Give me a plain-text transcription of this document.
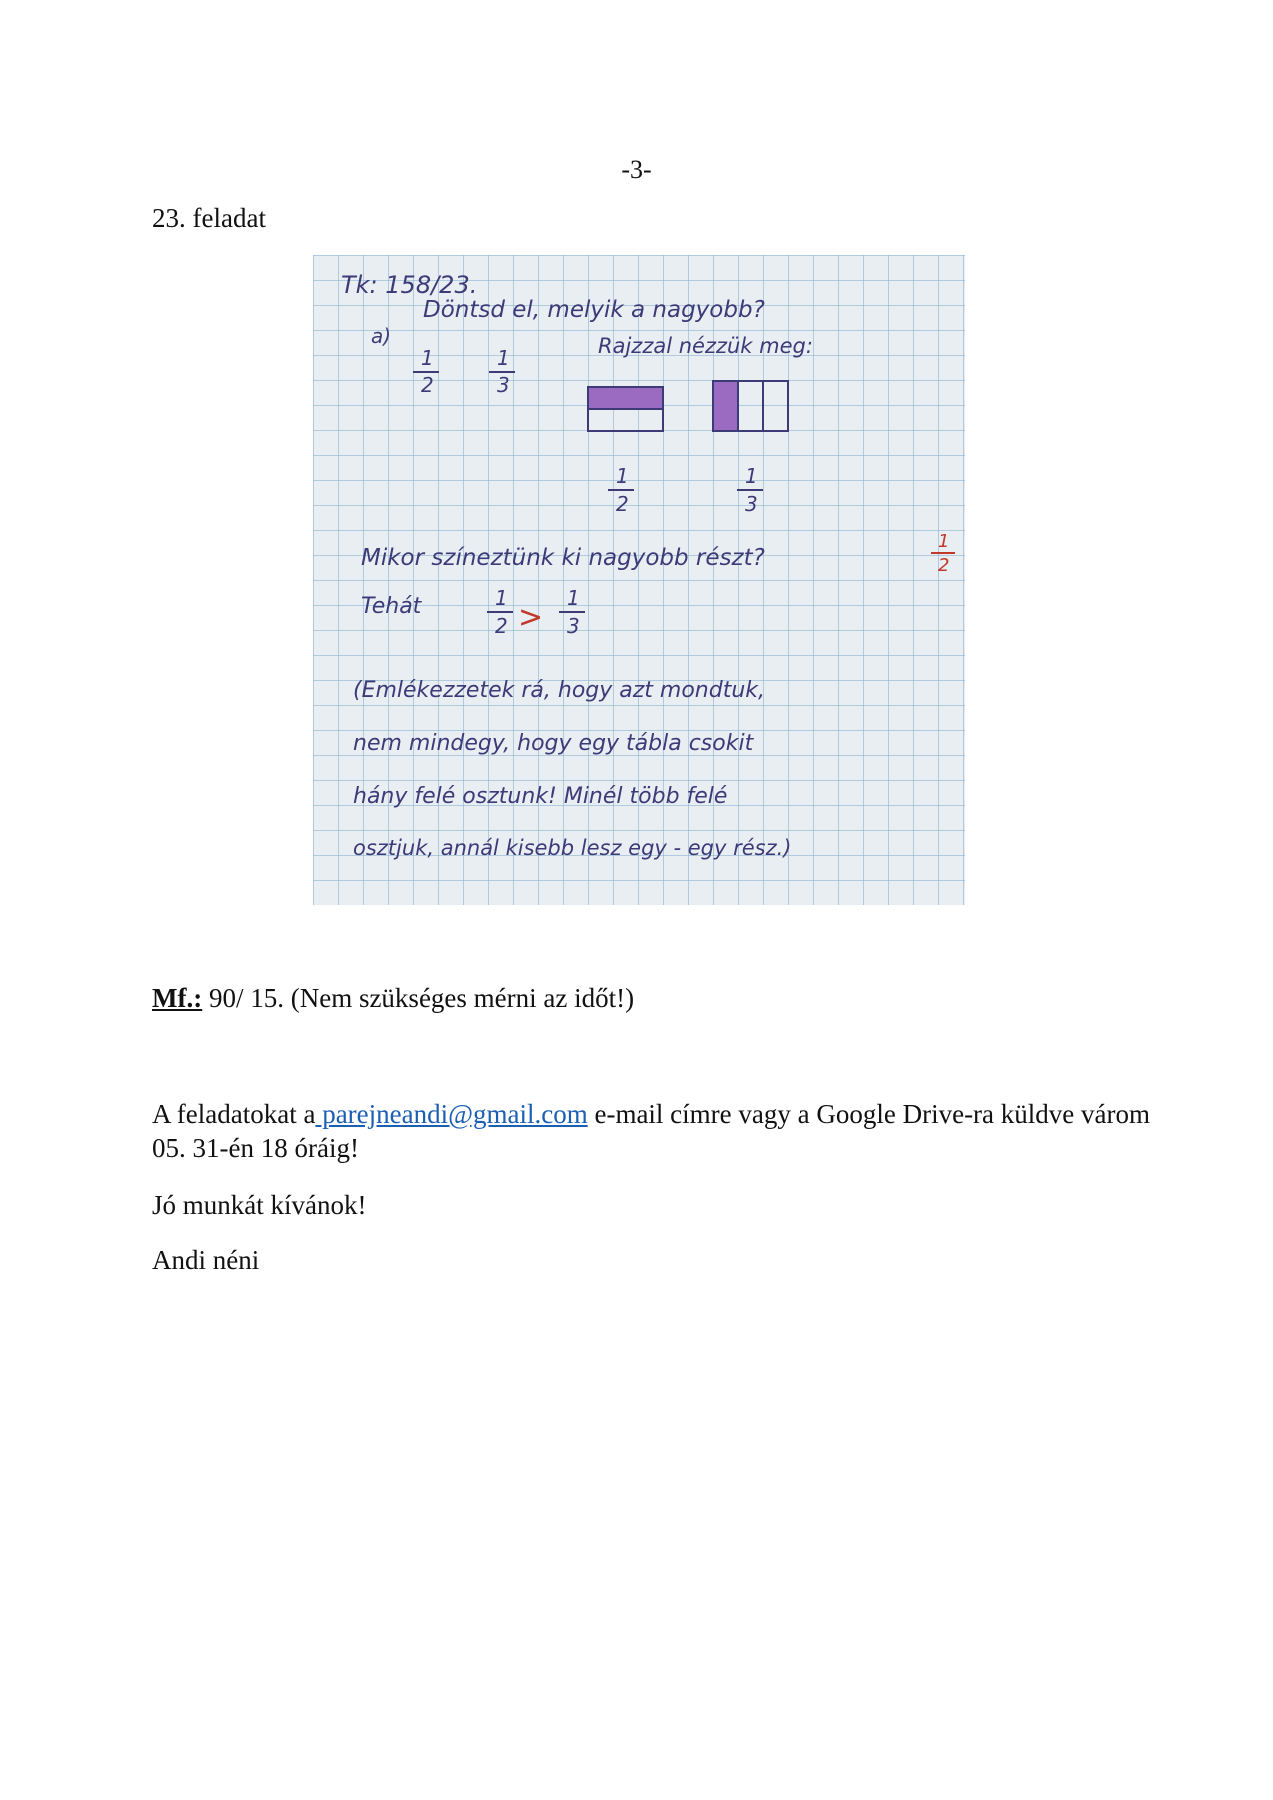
-3-
23. feladat
Tk: 158/23.
Döntsd el, melyik a nagyobb?
a)	Rajzzal nézzük meg:
1
2
1
3
1
2
1
3
Mikor színeztünk ki nagyobb részt?
1
2
Tehát	1
2 >
1
3
(Emlékezzetek rá, hogy azt mondtuk,
nem mindegy, hogy egy tábla csokit
hány felé osztunk! Minél több felé
osztjuk, annál kisebb lesz egy - egy rész.)
Mf.: 90/ 15. (Nem szükséges mérni az időt!)
A feladatokat a parejneandi@gmail.com e-mail címre vagy a Google Drive-ra küldve várom 05. 31-én 18 óráig!
Jó munkát kívánok!
Andi néni
